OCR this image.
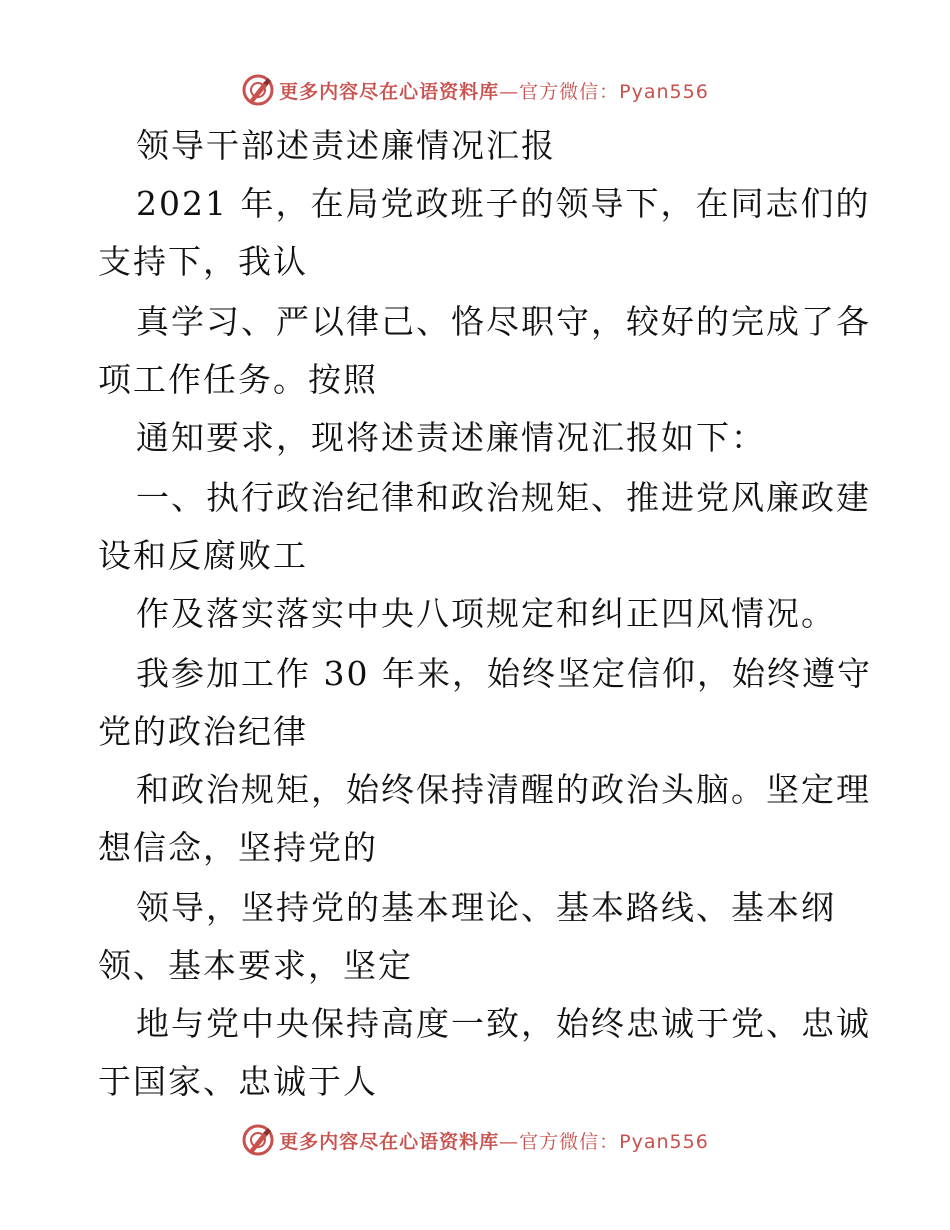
更多内容尽在心语资料库—官方微信：Pyan556
领导干部述责述廉情况汇报
2021 年，在局党政班子的领导下，在同志们的
支持下，我认
真学习、严以律己、恪尽职守，较好的完成了各
项工作任务。按照
通知要求，现将述责述廉情况汇报如下：
一、执行政治纪律和政治规矩、推进党风廉政建
设和反腐败工
作及落实落实中央八项规定和纠正四风情况。
我参加工作 30 年来，始终坚定信仰，始终遵守
党的政治纪律
和政治规矩，始终保持清醒的政治头脑。坚定理
想信念，坚持党的
领导，坚持党的基本理论、基本路线、基本纲
领、基本要求，坚定
地与党中央保持高度一致，始终忠诚于党、忠诚
于国家、忠诚于人
更多内容尽在心语资料库—官方微信：Pyan556
